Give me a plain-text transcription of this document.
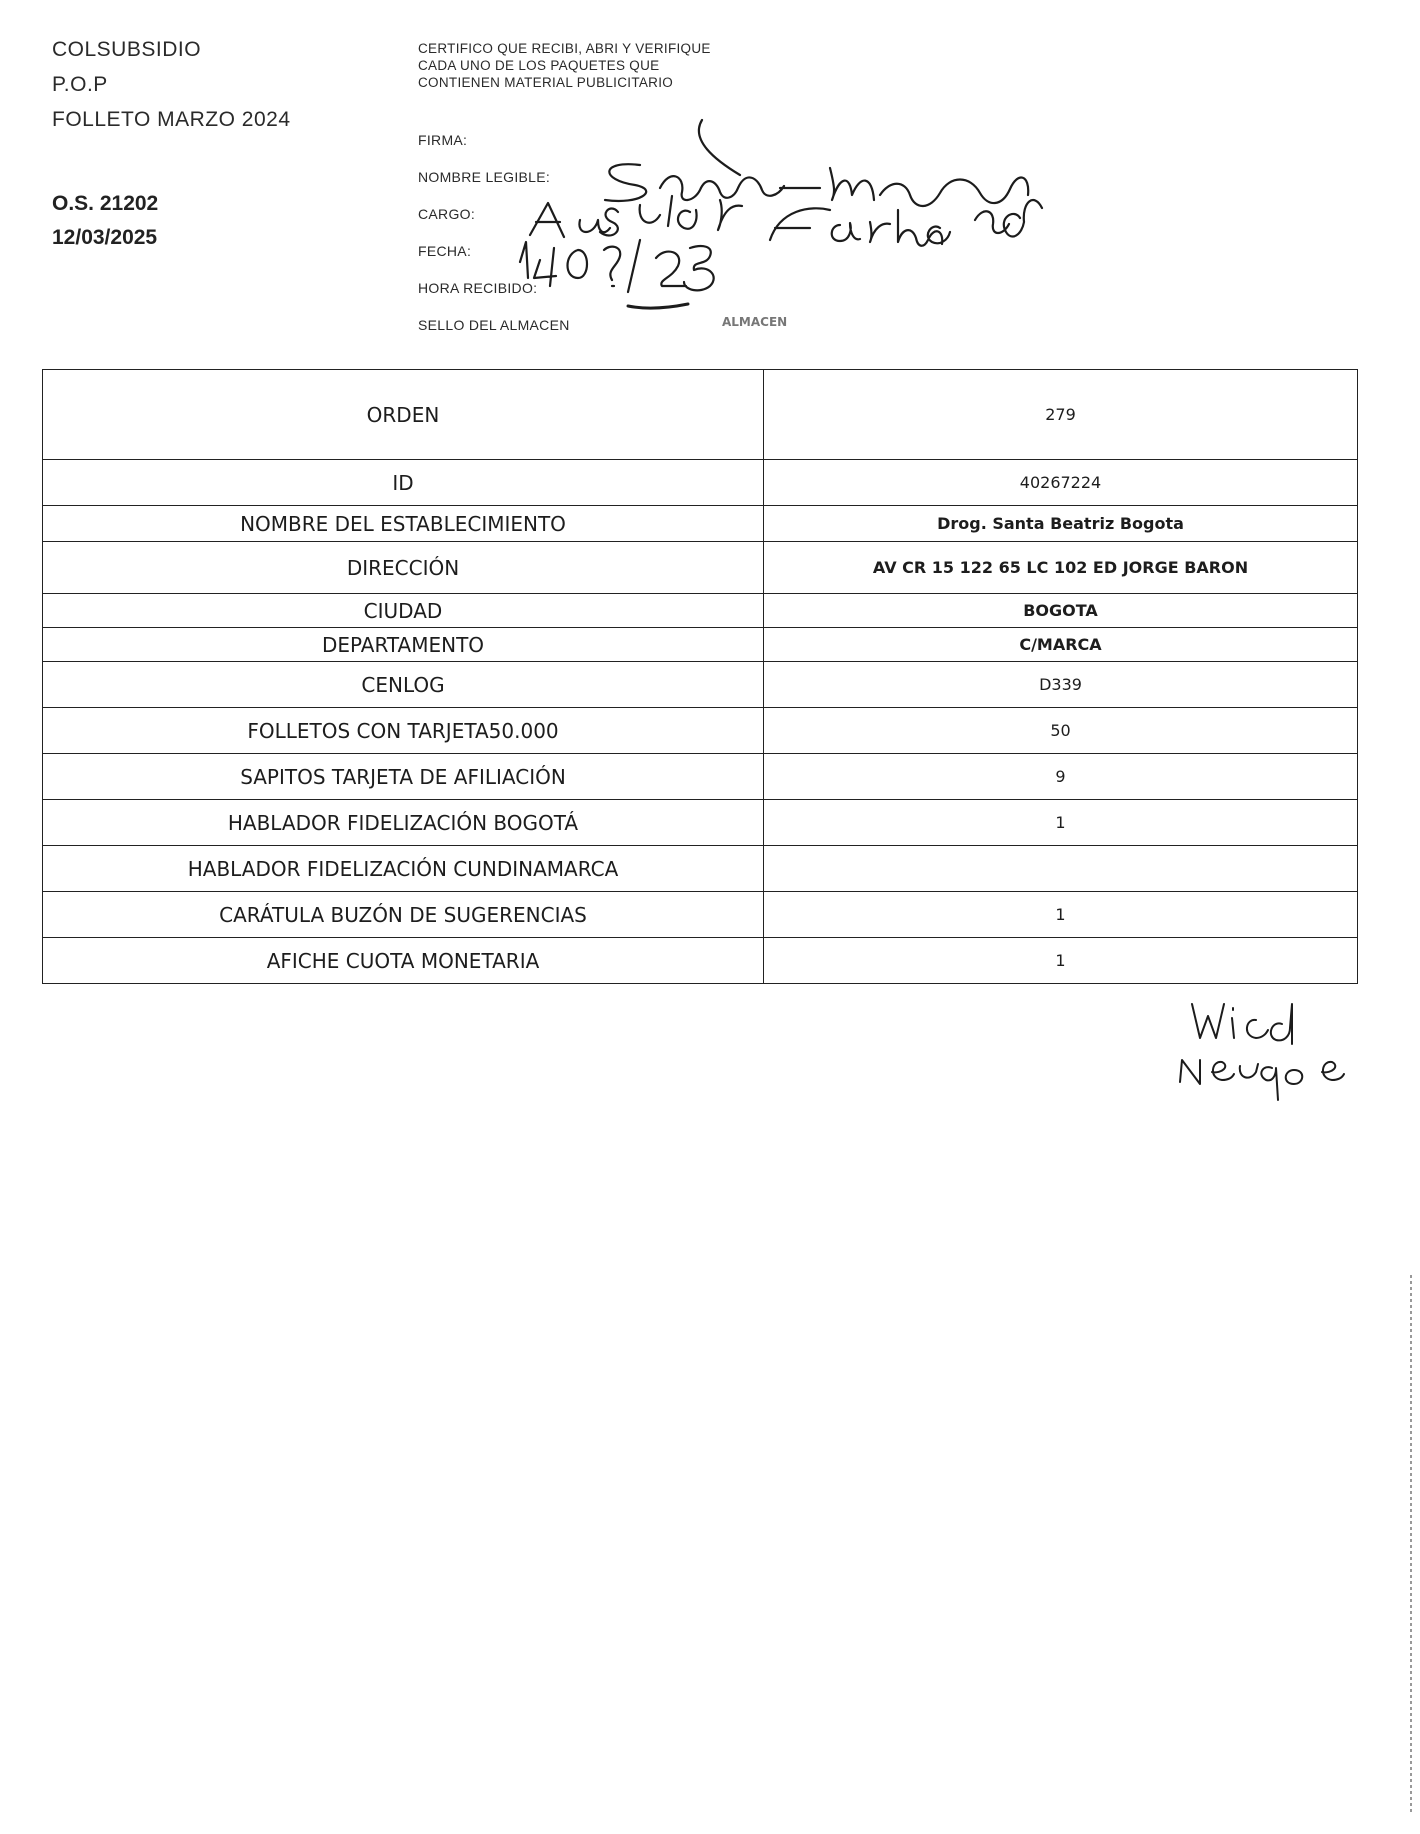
COLSUBSIDIO
P.O.P
FOLLETO MARZO 2024
O.S. 21202
12/03/2025
CERTIFICO QUE RECIBI, ABRI Y VERIFIQUE CADA UNO DE LOS PAQUETES QUE CONTIENEN MATERIAL PUBLICITARIO
FIRMA:
NOMBRE LEGIBLE:
CARGO:
FECHA:
HORA RECIBIDO:
SELLO DEL ALMACEN	ALMACEN
Wed
Neuqoe
ORDEN	279
ID	40267224
NOMBRE DEL ESTABLECIMIENTO	Drog. Santa Beatriz Bogota
DIRECCIÓN	AV CR 15 122 65 LC 102 ED JORGE BARON
CIUDAD	BOGOTA
DEPARTAMENTO	C/MARCA
CENLOG	D339
FOLLETOS CON TARJETA50.000	50
SAPITOS TARJETA DE AFILIACIÓN	9
HABLADOR FIDELIZACIÓN BOGOTÁ	1
HABLADOR FIDELIZACIÓN CUNDINAMARCA	
CARÁTULA BUZÓN DE SUGERENCIAS	1
AFICHE CUOTA MONETARIA	1
